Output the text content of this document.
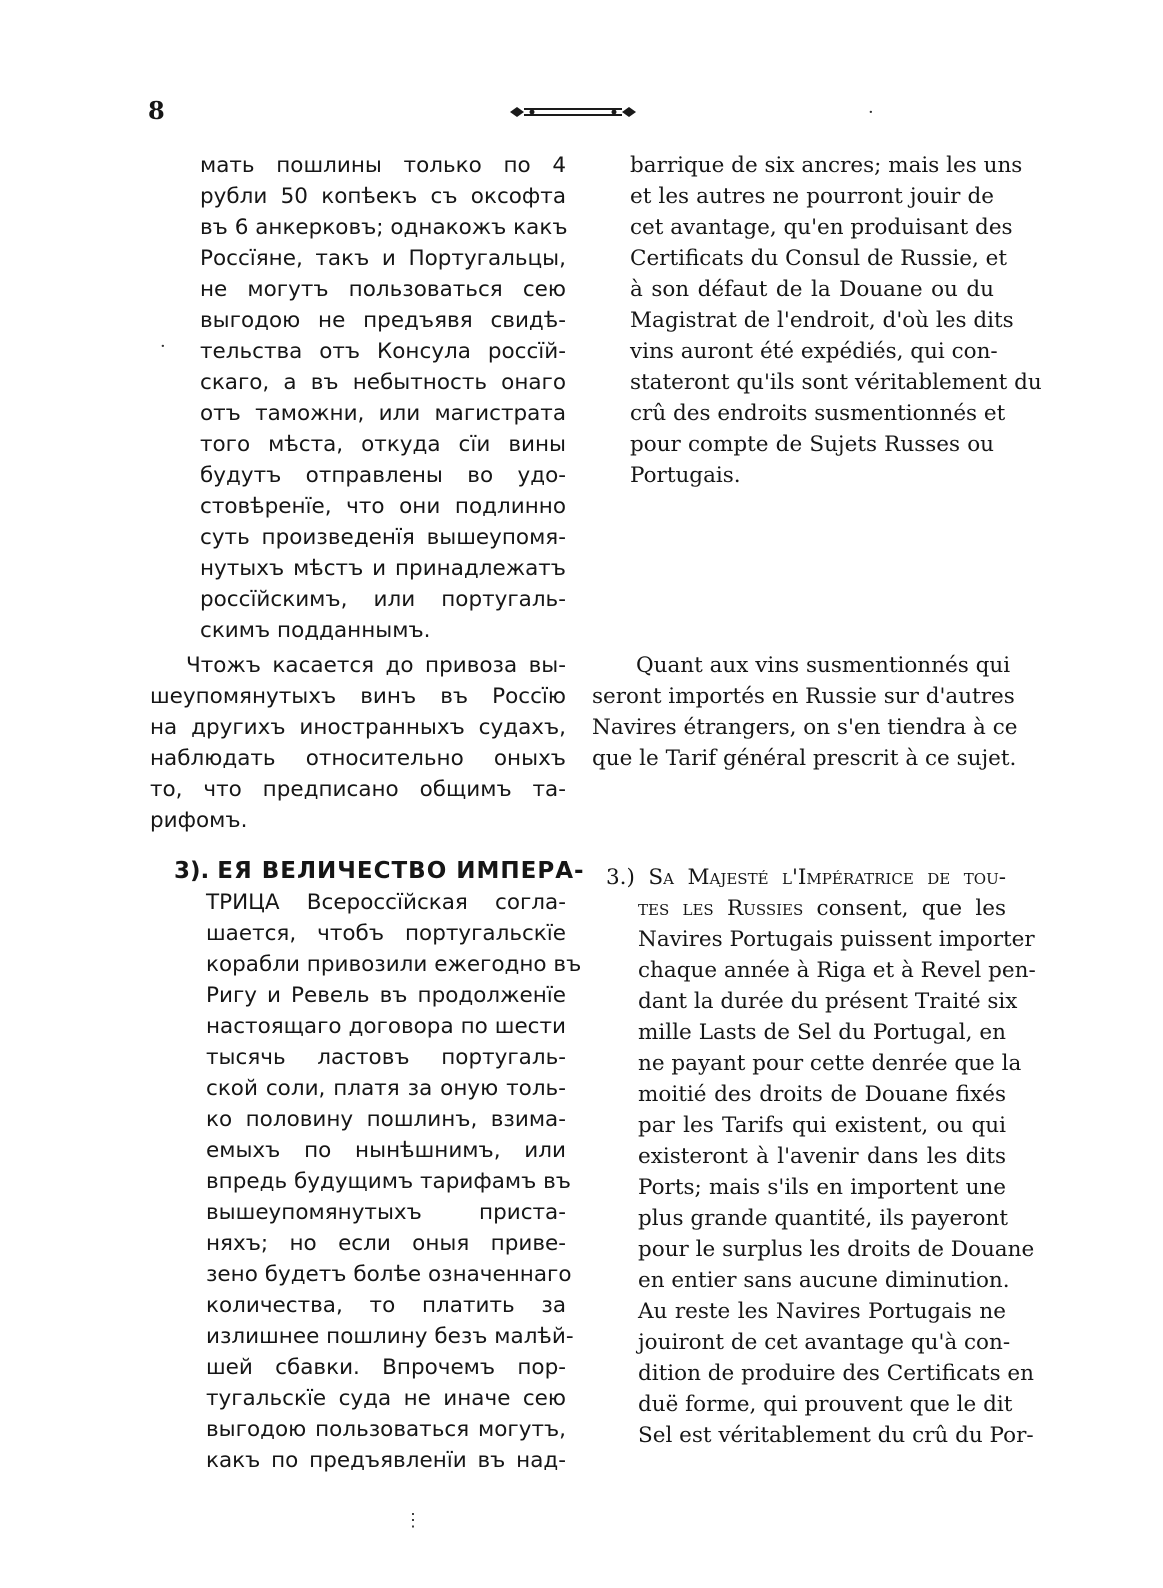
8	·
·
⋮
мать пошлины только по 4
рубли 50 копѣекъ съ оксофта
въ 6 анкерковъ; однакожъ какъ
Россїяне, такъ и Португальцы,
не могутъ пользоваться сею
выгодою не предъявя свидѣ-
тельства отъ Консула россїй-
скаго, а въ небытность онаго
отъ таможни, или магистрата
того мѣста, откуда сїи вины
будутъ отправлены во удо-
стовѣренїе, что они подлинно
суть произведенїя вышеупомя-
нутыхъ мѣстъ и принадлежатъ
россїйскимъ, или португаль-
скимъ подданнымъ.
Чтожъ касается до привоза вы-
шеупомянутыхъ винъ въ Россїю
на другихъ иностранныхъ судахъ,
наблюдать относительно оныхъ
то, что предписано общимъ та-
рифомъ.
3). ЕЯ ВЕЛИЧЕСТВО ИМПЕРА-
ТРИЦА Всероссїйская согла-
шается, чтобъ португальскїе
корабли привозили ежегодно въ
Ригу и Ревель въ продолженїе
настоящаго договора по шести
тысячь ластовъ португаль-
ской соли, платя за оную толь-
ко половину пошлинъ, взима-
емыхъ по нынѣшнимъ, или
впредь будущимъ тарифамъ въ
вышеупомянутыхъ приста-
няхъ; но если оныя приве-
зено будетъ болѣе означеннаго
количества, то платить за
излишнее пошлину безъ малѣй-
шей сбавки. Впрочемъ пор-
тугальскїе суда не иначе сею
выгодою пользоваться могутъ,
какъ по предъявленїи въ над-
barrique de six ancres; mais les uns
et les autres ne pourront jouir de
cet avantage, qu'en produisant des
Certificats du Consul de Russie, et
à son défaut de la Douane ou du
Magistrat de l'endroit, d'où les dits
vins auront été expédiés, qui con-
stateront qu'ils sont véritablement du
crû des endroits susmentionnés et
pour compte de Sujets Russes ou
Portugais.
Quant aux vins susmentionnés qui
seront importés en Russie sur d'autres
Navires étrangers, on s'en tiendra à ce
que le Tarif général prescrit à ce sujet.
3.) Sa Majesté l'Impératrice de tou-
tes les Russies consent, que les
Navires Portugais puissent importer
chaque année à Riga et à Revel pen-
dant la durée du présent Traité six
mille Lasts de Sel du Portugal, en
ne payant pour cette denrée que la
moitié des droits de Douane fixés
par les Tarifs qui existent, ou qui
existeront à l'avenir dans les dits
Ports; mais s'ils en importent une
plus grande quantité, ils payeront
pour le surplus les droits de Douane
en entier sans aucune diminution.
Au reste les Navires Portugais ne
jouiront de cet avantage qu'à con-
dition de produire des Certificats en
duë forme, qui prouvent que le dit
Sel est véritablement du crû du Por-
